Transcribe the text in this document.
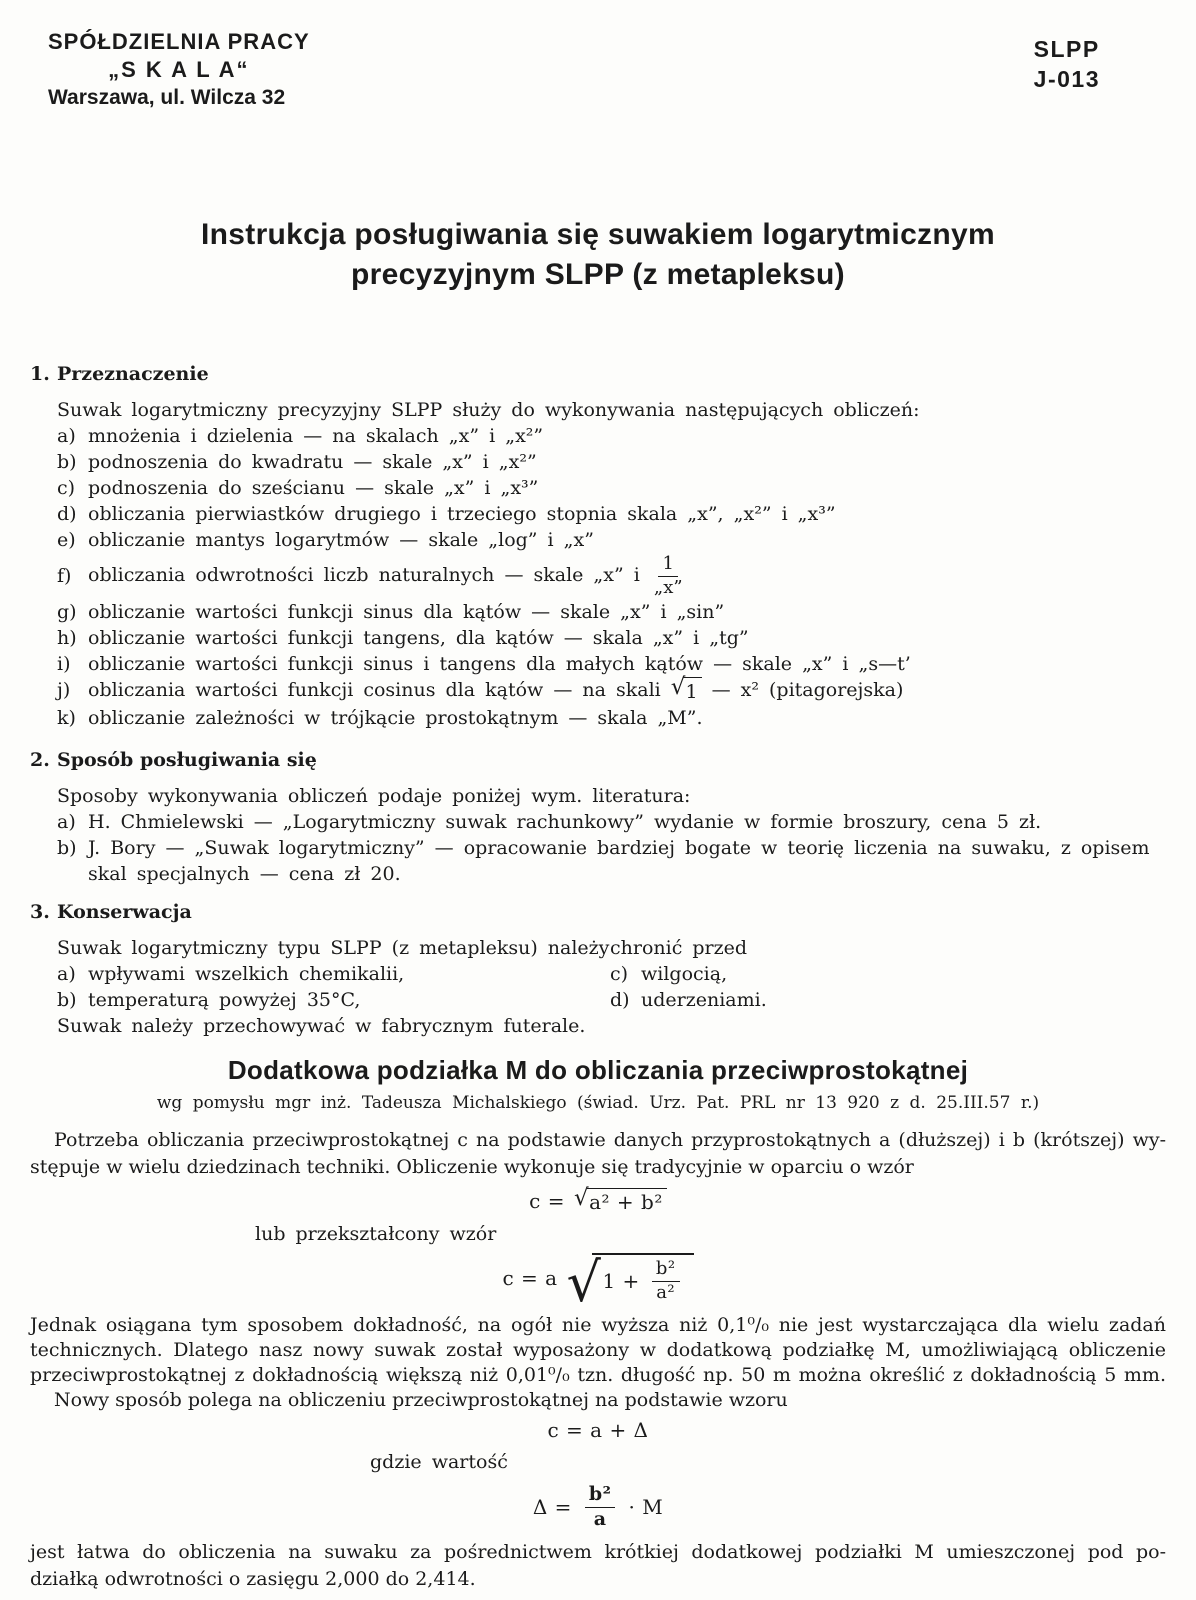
SPÓŁDZIELNIA PRACY
„S K A L A“
Warszawa, ul. Wilcza 32
SLPP
J-013
Instrukcja posługiwania się suwakiem logarytmicznym
precyzyjnym SLPP (z metapleksu)
1. Przeznaczenie
Suwak logarytmiczny precyzyjny SLPP służy do wykonywania następujących obliczeń:
a) mnożenia i dzielenia — na skalach „x” i „x²”
b) podnoszenia do kwadratu — skale „x” i „x²”
c) podnoszenia do sześcianu — skale „x” i „x³”
d) obliczania pierwiastków drugiego i trzeciego stopnia skala „x”, „x²” i „x³”
e) obliczanie mantys logarytmów — skale „log” i „x”
f) obliczania odwrotności liczb naturalnych — skale „x” i $\frac{1}{„x”}$
g) obliczanie wartości funkcji sinus dla kątów — skale „x” i „sin”
h) obliczanie wartości funkcji tangens, dla kątów — skala „x” i „tg”
i) obliczanie wartości funkcji sinus i tangens dla małych kątów — skale „x” i „s—t’
j) obliczania wartości funkcji cosinus dla kątów — na skali √ 1 — x² (pitagorejska)
k) obliczanie zależności w trójkącie prostokątnym — skala „M”.
2. Sposób posługiwania się
Sposoby wykonywania obliczeń podaje poniżej wym. literatura:
a) H. Chmielewski — „Logarytmiczny suwak rachunkowy” wydanie w formie broszury, cena 5 zł.
b) J. Bory — „Suwak logarytmiczny” — opracowanie bardziej bogate w teorię liczenia na suwaku, z opisem
skal specjalnych — cena zł 20.
3. Konserwacja
Suwak logarytmiczny typu SLPP (z metapleksu) należy chronić przed
a) wpływami wszelkich chemikalii,	c) wilgocią,
b) temperaturą powyżej 35°C,	d) uderzeniami.
Suwak należy przechowywać w fabrycznym futerale.
Dodatkowa podziałka M do obliczania przeciwprostokątnej
wg pomysłu mgr inż. Tadeusza Michalskiego (świad. Urz. Pat. PRL nr 13 920 z d. 25.III.57 r.)
Potrzeba obliczania przeciwprostokątnej c na podstawie danych przyprostokątnych a (dłuższej) i b (krótszej) wy-
stępuje w wielu dziedzinach techniki. Obliczenie wykonuje się tradycyjnie w oparciu o wzór
c = √ a² + b²
lub przekształcony wzór
c = a √ $1 + \frac{\text{b²}}{\text{a²}}$
Jednak osiągana tym sposobem dokładność, na ogół nie wyższa niż 0,1⁰/₀ nie jest wystarczająca dla wielu zadań
technicznych. Dlatego nasz nowy suwak został wyposażony w dodatkową podziałkę M, umożliwiającą obliczenie
przeciwprostokątnej z dokładnością większą niż 0,01⁰/₀ tzn. długość np. 50 m można określić z dokładnością 5 mm.
Nowy sposób polega na obliczeniu przeciwprostokątnej na podstawie wzoru
c = a + Δ
gdzie wartość
$\Delta = \frac{\text{b²}}{a} \cdot M$
jest łatwa do obliczenia na suwaku za pośrednictwem krótkiej dodatkowej podziałki M umieszczonej pod po-
działką odwrotności o zasięgu 2,000 do 2,414.
